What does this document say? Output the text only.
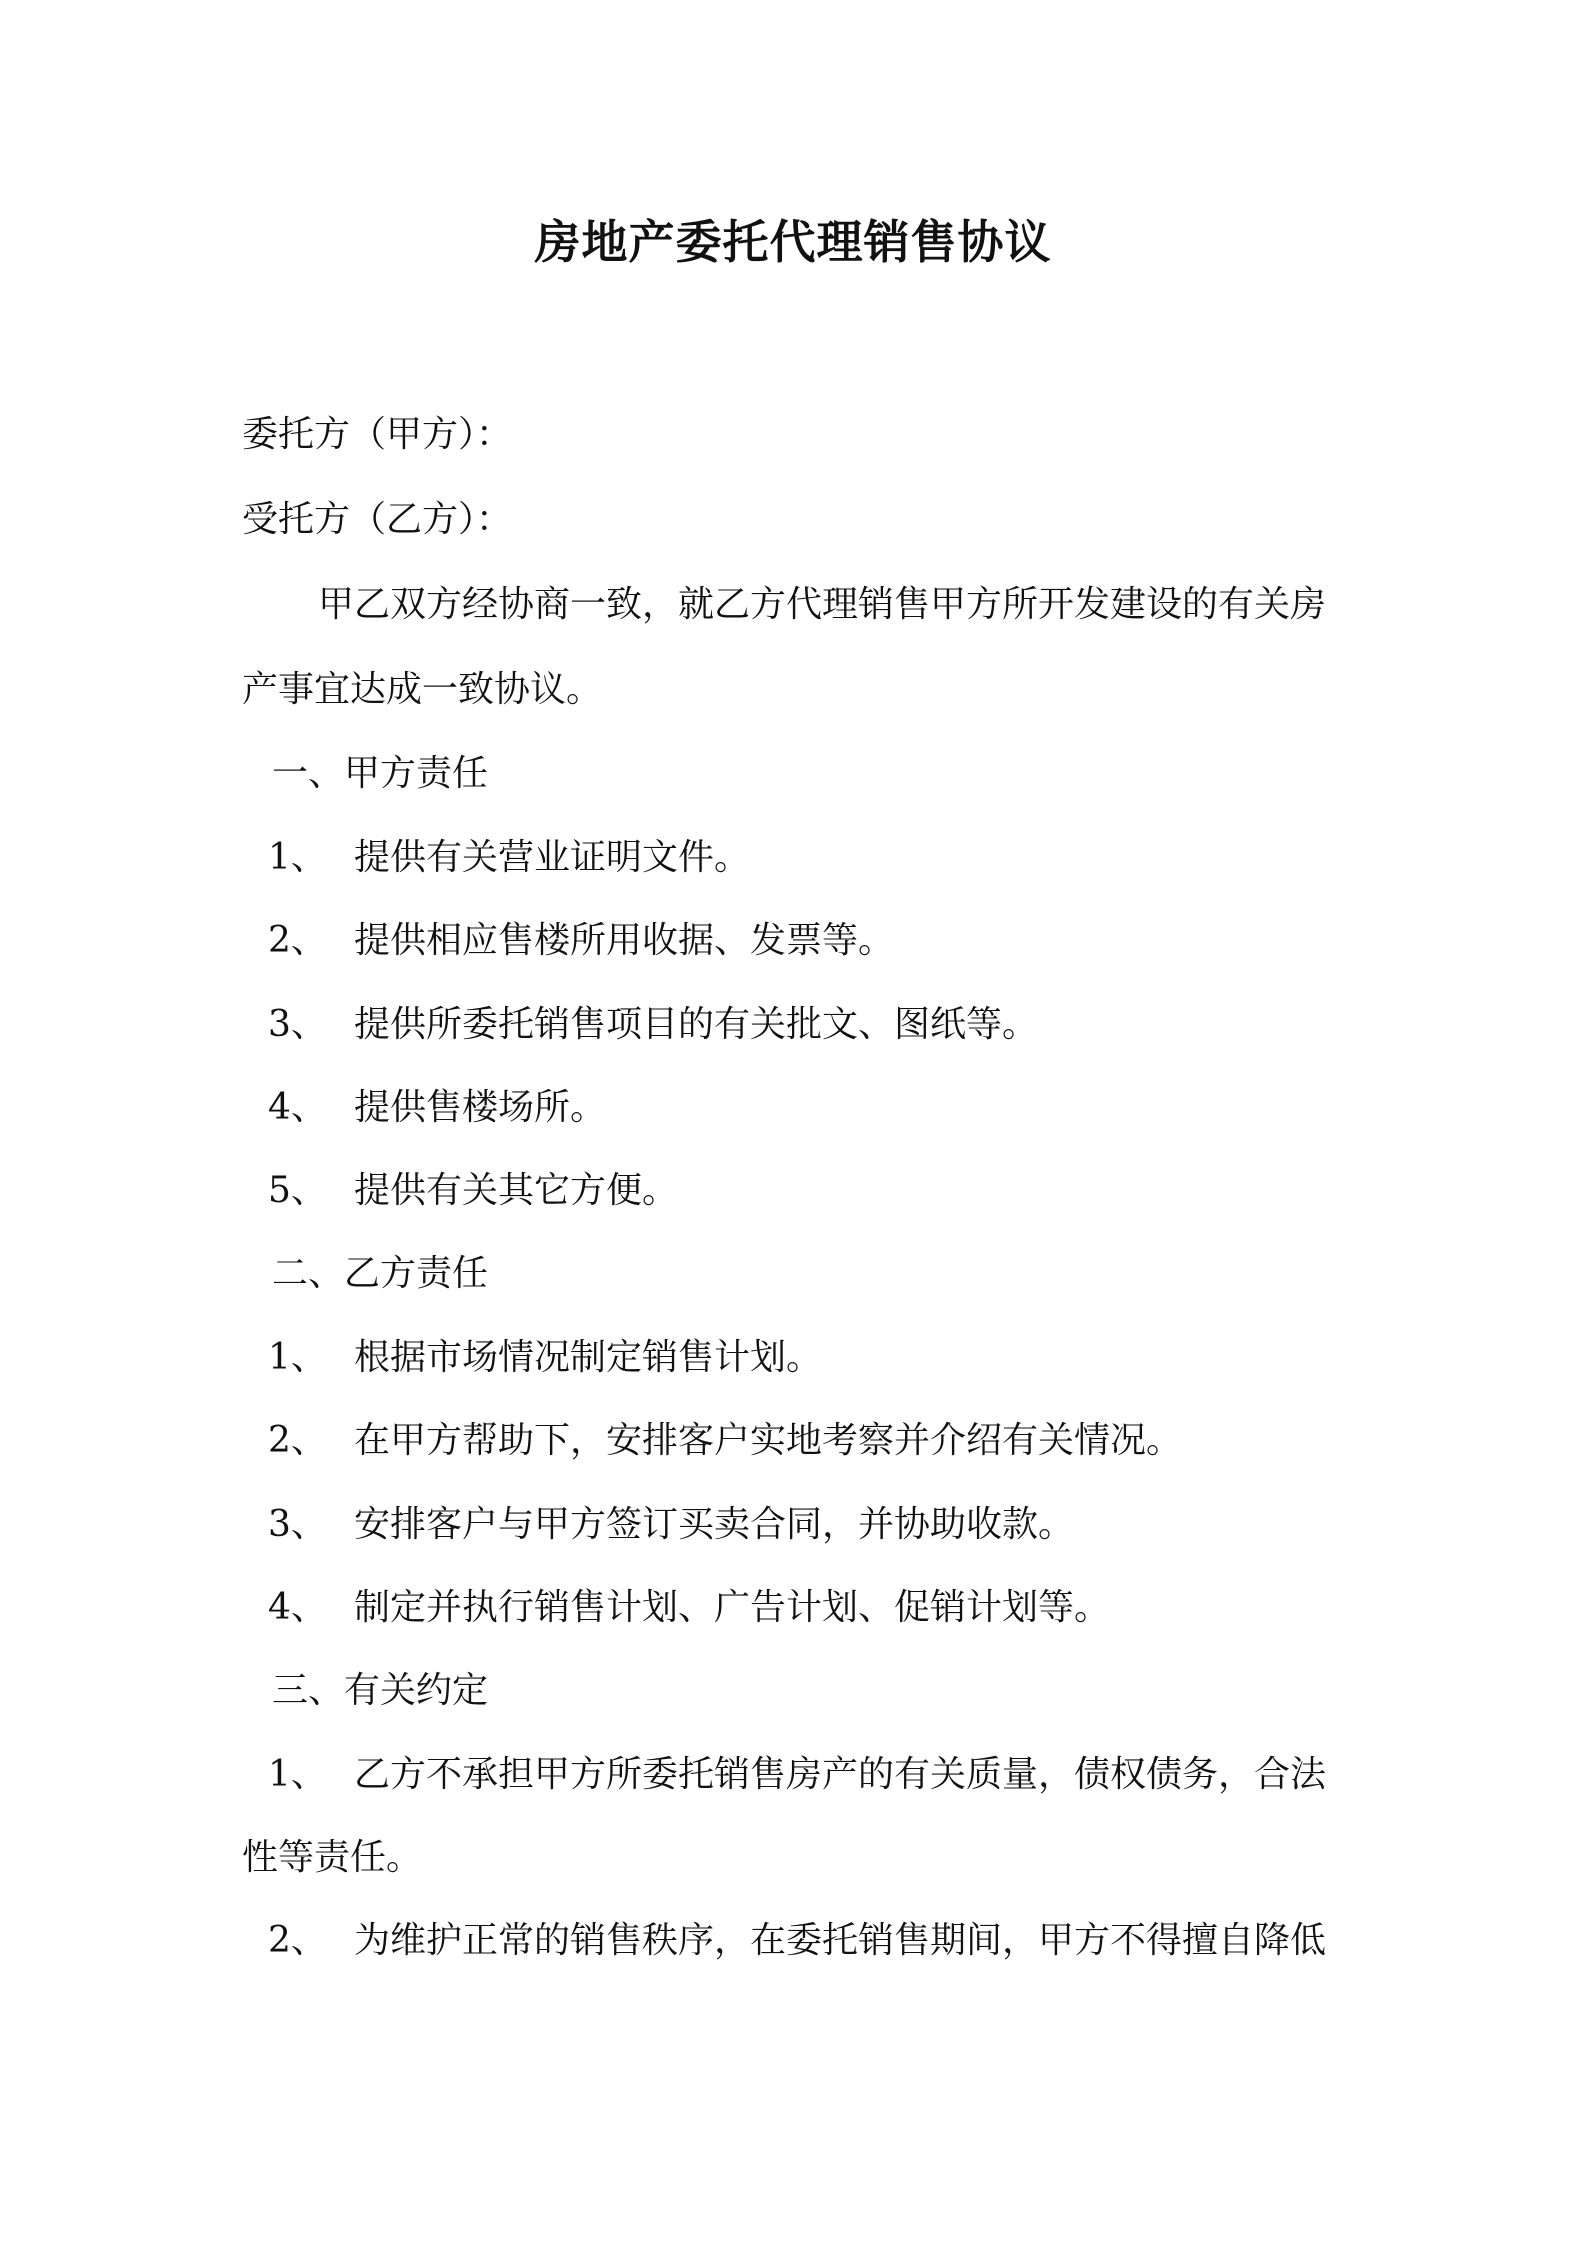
房地产委托代理销售协议
委托方（甲方）：
受托方（乙方）：
甲乙双方经协商一致，就乙方代理销售甲方所开发建设的有关房
产事宜达成一致协议。
一、甲方责任
1、 提供有关营业证明文件。
2、 提供相应售楼所用收据、发票等。
3、 提供所委托销售项目的有关批文、图纸等。
4、 提供售楼场所。
5、 提供有关其它方便。
二、乙方责任
1、 根据市场情况制定销售计划。
2、 在甲方帮助下，安排客户实地考察并介绍有关情况。
3、 安排客户与甲方签订买卖合同，并协助收款。
4、 制定并执行销售计划、广告计划、促销计划等。
三、有关约定
1、 乙方不承担甲方所委托销售房产的有关质量，债权债务，合法
性等责任。
2、 为维护正常的销售秩序，在委托销售期间，甲方不得擅自降低
